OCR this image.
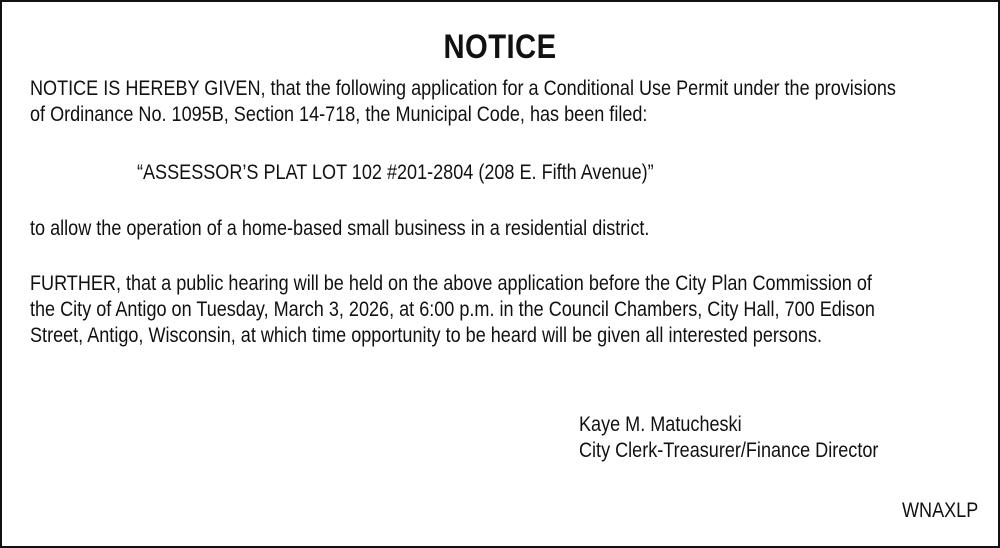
NOTICE
NOTICE IS HEREBY GIVEN, that the following application for a Conditional Use Permit under the provisions
of Ordinance No. 1095B, Section 14-718, the Municipal Code, has been filed:
“ASSESSOR’S PLAT LOT 102 #201-2804 (208 E. Fifth Avenue)”
to allow the operation of a home-based small business in a residential district.
FURTHER, that a public hearing will be held on the above application before the City Plan Commission of
the City of Antigo on Tuesday, March 3, 2026, at 6:00 p.m. in the Council Chambers, City Hall, 700 Edison
Street, Antigo, Wisconsin, at which time opportunity to be heard will be given all interested persons.
Kaye M. Matucheski
City Clerk-Treasurer/Finance Director
WNAXLP
